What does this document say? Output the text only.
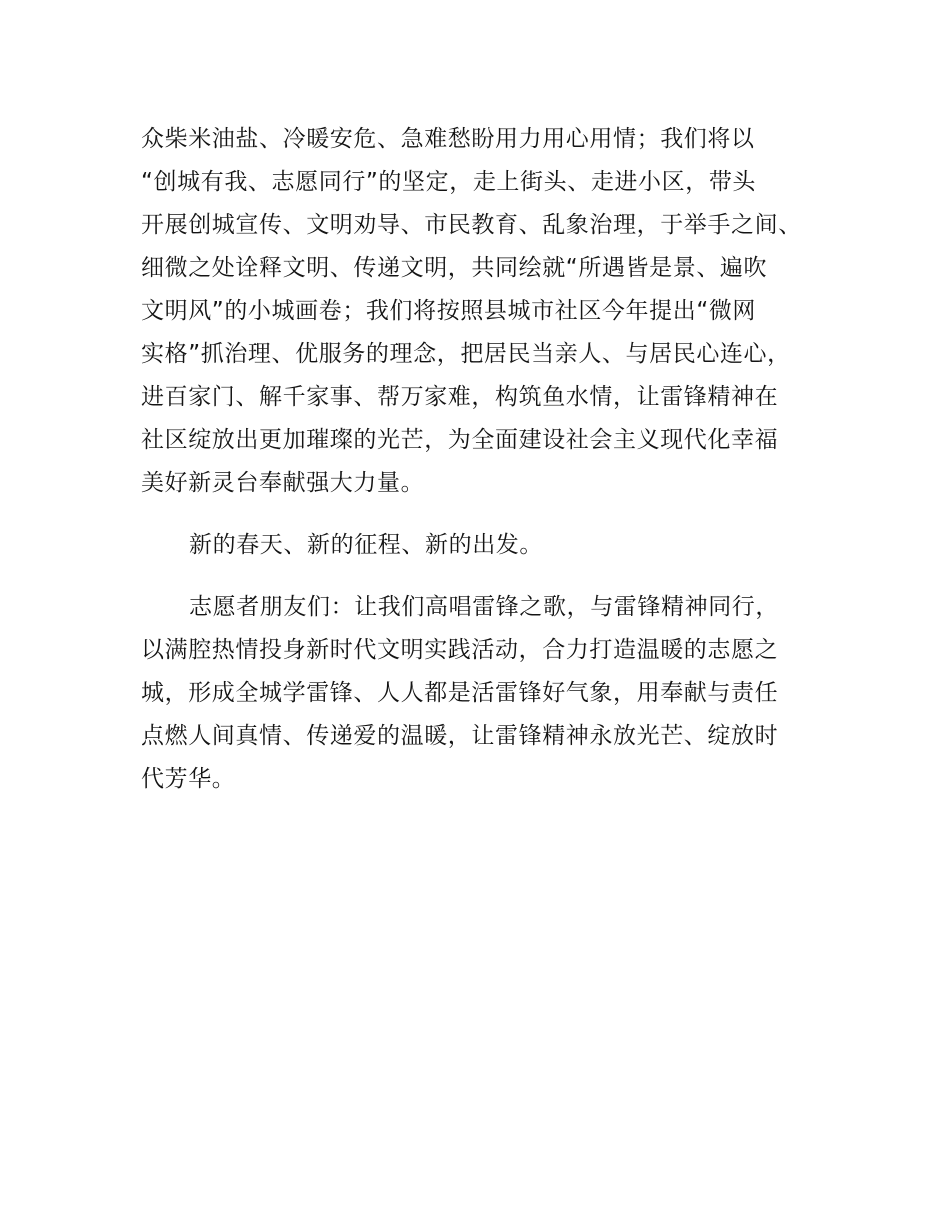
众柴米油盐、冷暖安危、急难愁盼用力用心用情；我们将以
“创城有我、志愿同行”的坚定，走上街头、走进小区，带头
开展创城宣传、文明劝导、市民教育、乱象治理，于举手之间、
细微之处诠释文明、传递文明，共同绘就“所遇皆是景、遍吹
文明风”的小城画卷；我们将按照县城市社区今年提出“微网
实格”抓治理、优服务的理念，把居民当亲人、与居民心连心，
进百家门、解千家事、帮万家难，构筑鱼水情，让雷锋精神在
社区绽放出更加璀璨的光芒，为全面建设社会主义现代化幸福
美好新灵台奉献强大力量。
新的春天、新的征程、新的出发。
志愿者朋友们：让我们高唱雷锋之歌，与雷锋精神同行，
以满腔热情投身新时代文明实践活动，合力打造温暖的志愿之
城，形成全城学雷锋、人人都是活雷锋好气象，用奉献与责任
点燃人间真情、传递爱的温暖，让雷锋精神永放光芒、绽放时
代芳华。
